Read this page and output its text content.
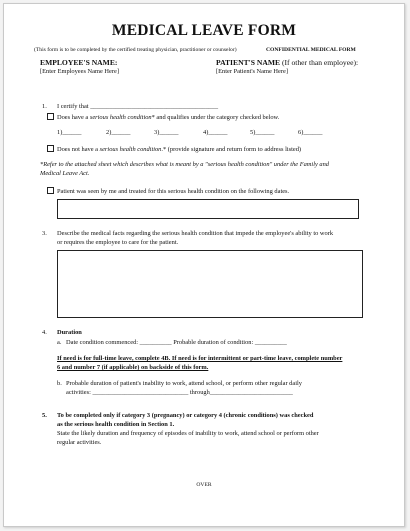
MEDICAL LEAVE FORM
(This form is to be completed by the certified treating physician, practitioner or counselor)	CONFIDENTIAL MEDICAL FORM
EMPLOYEE'S NAME:
[Enter Employees Name Here]
PATIENT'S NAME (If other than employee):
[Enter Patient's Name Here]
1. I certify that ________________________________________
Does have a serious health condition* and qualifies under the category checked below.
1)______	2)______	3)______	4)______	5)______	6)______
Does not have a serious health condition.* (provide signature and return form to address listed)
*Refer to the attached sheet which describes what is meant by a "serious health condition" under the Family and
Medical Leave Act.
Patient was seen by me and treated for this serious health condition on the following dates.
3. Describe the medical facts regarding the serious health condition that impede the employee's ability to work
or requires the employee to care for the patient.
4. Duration
a. Date condition commenced: __________ Probable duration of condition: __________
If need is for full-time leave, complete 4B. If need is for intermittent or part-time leave, complete number
6 and number 7 (if applicable) on backside of this form.
b. Probable duration of patient's inability to work, attend school, or perform other regular daily
activities: ______________________________ through__________________________
5. To be completed only if category 3 (pregnancy) or category 4 (chronic conditions) was checked
as the serious health condition in Section 1.
State the likely duration and frequency of episodes of inability to work, attend school or perform other
regular activities.
OVER
